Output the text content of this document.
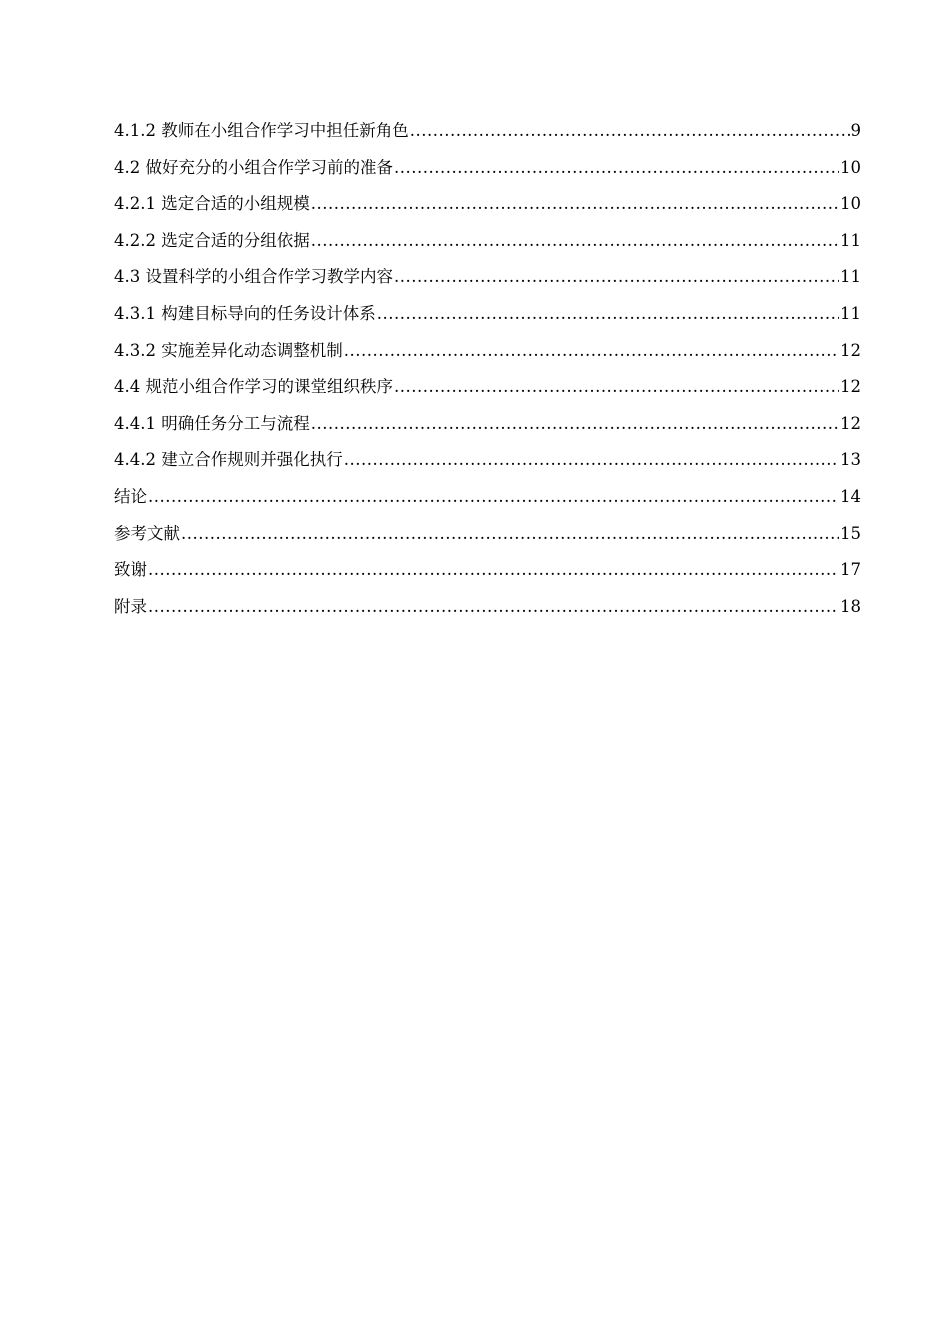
4.1.2 教师在小组合作学习中担任新角色 .....	9
4.2 做好充分的小组合作学习前的准备 .....	10
4.2.1 选定合适的小组规模 .....	10
4.2.2 选定合适的分组依据 .....	11
4.3 设置科学的小组合作学习教学内容 .....	11
4.3.1 构建目标导向的任务设计体系 .....	11
4.3.2 实施差异化动态调整机制 .....	12
4.4 规范小组合作学习的课堂组织秩序 .....	12
4.4.1 明确任务分工与流程 .....	12
4.4.2 建立合作规则并强化执行 .....	13
结论 .....	14
参考文献 .....	15
致谢 .....	17
附录 .....	18
